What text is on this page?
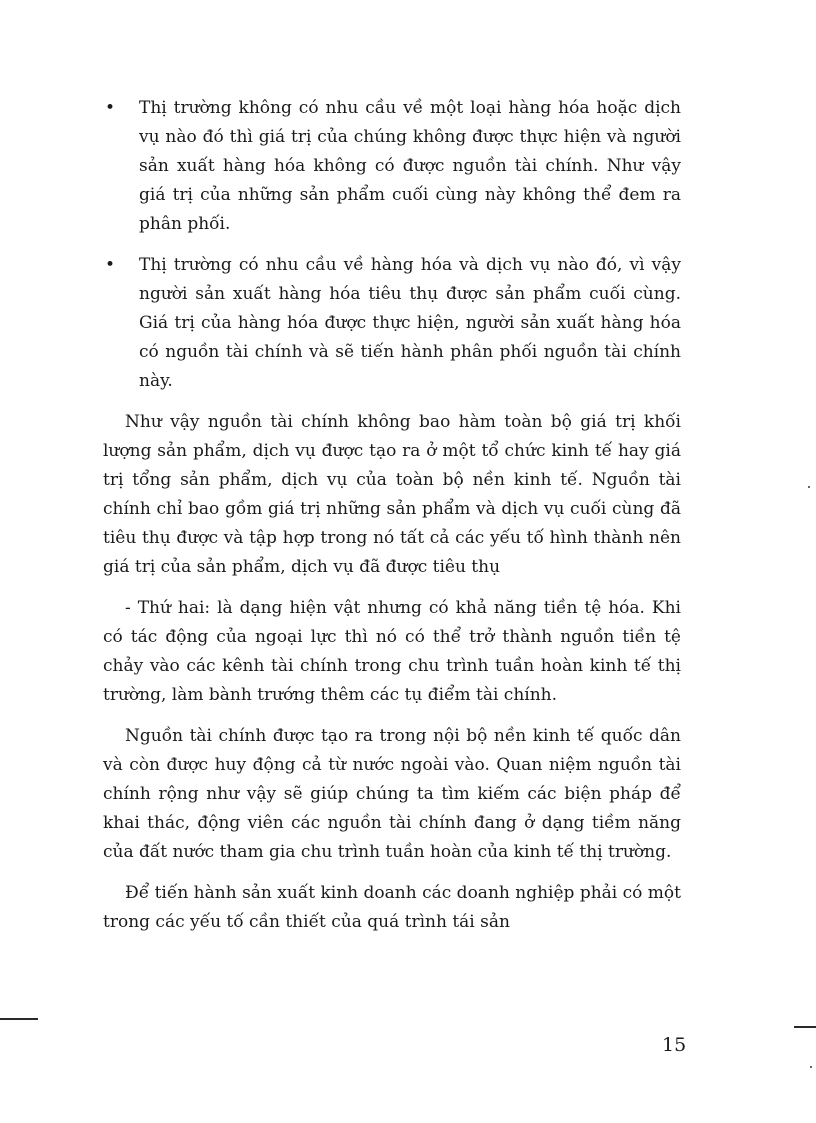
• Thị trường không có nhu cầu về một loại hàng hóa hoặc dịch vụ nào đó thì giá trị của chúng không được thực hiện và người sản xuất hàng hóa không có được nguồn tài chính. Như vậy giá trị của những sản phẩm cuối cùng này không thể đem ra phân phối.

• Thị trường có nhu cầu về hàng hóa và dịch vụ nào đó, vì vậy người sản xuất hàng hóa tiêu thụ được sản phẩm cuối cùng. Giá trị của hàng hóa được thực hiện, người sản xuất hàng hóa có nguồn tài chính và sẽ tiến hành phân phối nguồn tài chính này.

Như vậy nguồn tài chính không bao hàm toàn bộ giá trị khối lượng sản phẩm, dịch vụ được tạo ra ở một tổ chức kinh tế hay giá trị tổng sản phẩm, dịch vụ của toàn bộ nền kinh tế. Nguồn tài chính chỉ bao gồm giá trị những sản phẩm và dịch vụ cuối cùng đã tiêu thụ được và tập hợp trong nó tất cả các yếu tố hình thành nên giá trị của sản phẩm, dịch vụ đã được tiêu thụ

- Thứ hai: là dạng hiện vật nhưng có khả năng tiền tệ hóa. Khi có tác động của ngoại lực thì nó có thể trở thành nguồn tiền tệ chảy vào các kênh tài chính trong chu trình tuần hoàn kinh tế thị trường, làm bành trướng thêm các tụ điểm tài chính.

Nguồn tài chính được tạo ra trong nội bộ nền kinh tế quốc dân và còn được huy động cả từ nước ngoài vào. Quan niệm nguồn tài chính rộng như vậy sẽ giúp chúng ta tìm kiếm các biện pháp để khai thác, động viên các nguồn tài chính đang ở dạng tiềm năng của đất nước tham gia chu trình tuần hoàn của kinh tế thị trường.

Để tiến hành sản xuất kinh doanh các doanh nghiệp phải có một trong các yếu tố cần thiết của quá trình tái sản

15
